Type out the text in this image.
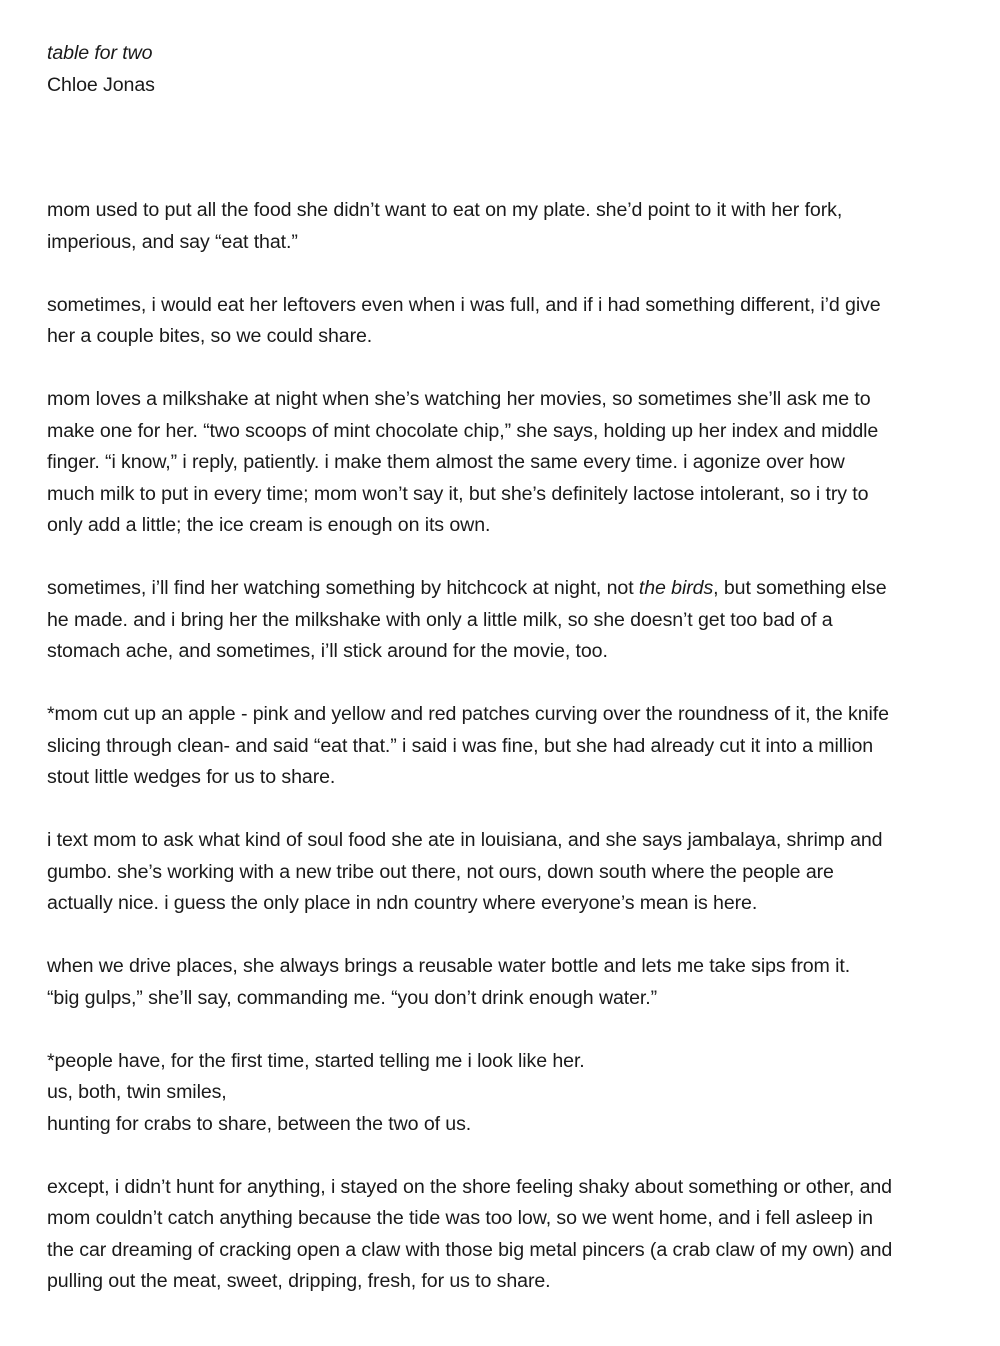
table for two
Chloe Jonas

mom used to put all the food she didn’t want to eat on my plate. she’d point to it with her fork,
imperious, and say “eat that.”

sometimes, i would eat her leftovers even when i was full, and if i had something different, i’d give
her a couple bites, so we could share.

mom loves a milkshake at night when she’s watching her movies, so sometimes she’ll ask me to
make one for her. “two scoops of mint chocolate chip,” she says, holding up her index and middle
finger. “i know,” i reply, patiently. i make them almost the same every time. i agonize over how
much milk to put in every time; mom won’t say it, but she’s definitely lactose intolerant, so i try to
only add a little; the ice cream is enough on its own.

sometimes, i’ll find her watching something by hitchcock at night, not the birds, but something else
he made. and i bring her the milkshake with only a little milk, so she doesn’t get too bad of a
stomach ache, and sometimes, i’ll stick around for the movie, too.

*mom cut up an apple - pink and yellow and red patches curving over the roundness of it, the knife
slicing through clean- and said “eat that.” i said i was fine, but she had already cut it into a million
stout little wedges for us to share.

i text mom to ask what kind of soul food she ate in louisiana, and she says jambalaya, shrimp and
gumbo. she’s working with a new tribe out there, not ours, down south where the people are
actually nice. i guess the only place in ndn country where everyone’s mean is here.

when we drive places, she always brings a reusable water bottle and lets me take sips from it.
“big gulps,” she’ll say, commanding me. “you don’t drink enough water.”

*people have, for the first time, started telling me i look like her.
us, both, twin smiles,
hunting for crabs to share, between the two of us.

except, i didn’t hunt for anything, i stayed on the shore feeling shaky about something or other, and
mom couldn’t catch anything because the tide was too low, so we went home, and i fell asleep in
the car dreaming of cracking open a claw with those big metal pincers (a crab claw of my own) and
pulling out the meat, sweet, dripping, fresh, for us to share.
